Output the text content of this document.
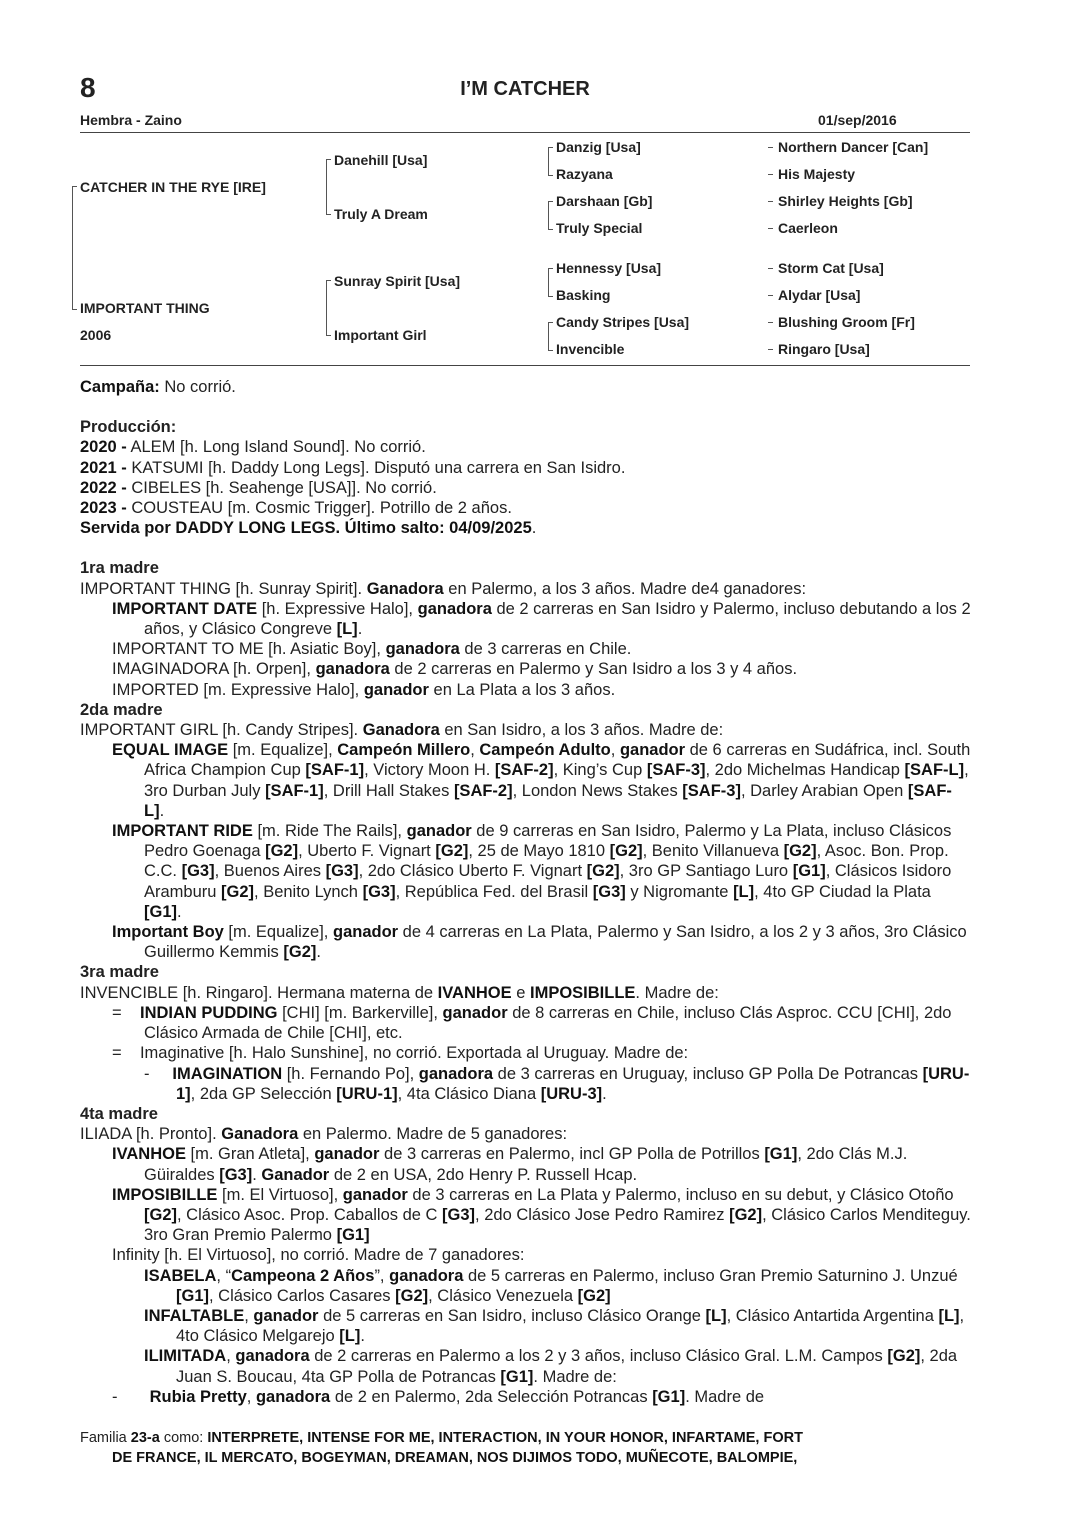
8	I’M CATCHER
Hembra - Zaino	01/sep/2016
CATCHER IN THE RYE [IRE]
IMPORTANT THING
2006
Danehill [Usa]
Truly A Dream
Sunray Spirit [Usa]
Important Girl
Danzig [Usa]
Razyana
Darshaan [Gb]
Truly Special
Hennessy [Usa]
Basking
Candy Stripes [Usa]
Invencible
Northern Dancer [Can]
His Majesty
Shirley Heights [Gb]
Caerleon
Storm Cat [Usa]
Alydar [Usa]
Blushing Groom [Fr]
Ringaro [Usa]

Campaña: No corrió.

Producción:

2020 - ALEM [h. Long Island Sound]. No corrió.

2021 - KATSUMI [h. Daddy Long Legs]. Disputó una carrera en San Isidro.

2022 - CIBELES [h. Seahenge [USA]]. No corrió.

2023 - COUSTEAU [m. Cosmic Trigger]. Potrillo de 2 años.

Servida por DADDY LONG LEGS. Último salto: 04/09/2025.

1ra madre

IMPORTANT THING [h. Sunray Spirit]. Ganadora en Palermo, a los 3 años. Madre de4 ganadores:

IMPORTANT DATE [h. Expressive Halo], ganadora de 2 carreras en San Isidro y Palermo, incluso debutando a los 2 años, y Clásico Congreve [L].

IMPORTANT TO ME [h. Asiatic Boy], ganadora de 3 carreras en Chile.

IMAGINADORA [h. Orpen], ganadora de 2 carreras en Palermo y San Isidro a los 3 y 4 años.

IMPORTED [m. Expressive Halo], ganador en La Plata a los 3 años.

2da madre

IMPORTANT GIRL [h. Candy Stripes]. Ganadora en San Isidro, a los 3 años. Madre de:

EQUAL IMAGE [m. Equalize], Campeón Millero, Campeón Adulto, ganador de 6 carreras en Sudáfrica, incl. South Africa Champion Cup [SAF-1], Victory Moon H. [SAF-2], King’s Cup [SAF-3], 2do Michelmas Handicap [SAF-L], 3ro Durban July [SAF-1], Drill Hall Stakes [SAF-2], London News Stakes [SAF-3], Darley Arabian Open [SAF-L].

IMPORTANT RIDE [m. Ride The Rails], ganador de 9 carreras en San Isidro, Palermo y La Plata, incluso Clásicos Pedro Goenaga [G2], Uberto F. Vignart [G2], 25 de Mayo 1810 [G2], Benito Villanueva [G2], Asoc. Bon. Prop. C.C. [G3], Buenos Aires [G3], 2do Clásico Uberto F. Vignart [G2], 3ro GP Santiago Luro [G1], Clásicos Isidoro Aramburu [G2], Benito Lynch [G3], República Fed. del Brasil [G3] y Nigromante [L], 4to GP Ciudad la Plata [G1].

Important Boy [m. Equalize], ganador de 4 carreras en La Plata, Palermo y San Isidro, a los 2 y 3 años, 3ro Clásico Guillermo Kemmis [G2].

3ra madre

INVENCIBLE [h. Ringaro]. Hermana materna de IVANHOE e IMPOSIBILLE. Madre de:

=    INDIAN PUDDING [CHI] [m. Barkerville], ganador de 8 carreras en Chile, incluso Clás Asproc. CCU [CHI], 2do Clásico Armada de Chile [CHI], etc.

=    Imaginative [h. Halo Sunshine], no corrió. Exportada al Uruguay. Madre de:

-     IMAGINATION [h. Fernando Po], ganadora de 3 carreras en Uruguay, incluso GP Polla De Potrancas [URU-1], 2da GP Selección [URU-1], 4ta Clásico Diana [URU-3].

4ta madre

ILIADA [h. Pronto]. Ganadora en Palermo. Madre de 5 ganadores:

IVANHOE [m. Gran Atleta], ganador de 3 carreras en Palermo, incl GP Polla de Potrillos [G1], 2do Clás M.J. Güiraldes [G3]. Ganador de 2 en USA, 2do Henry P. Russell Hcap.

IMPOSIBILLE [m. El Virtuoso], ganador de 3 carreras en La Plata y Palermo, incluso en su debut, y Clásico Otoño [G2], Clásico Asoc. Prop. Caballos de C [G3], 2do Clásico Jose Pedro Ramirez [G2], Clásico Carlos Menditeguy. 3ro Gran Premio Palermo [G1]

Infinity [h. El Virtuoso], no corrió. Madre de 7 ganadores:

ISABELA, “Campeona 2 Años”, ganadora de 5 carreras en Palermo, incluso Gran Premio Saturnino J. Unzué [G1], Clásico Carlos Casares [G2], Clásico Venezuela [G2]

INFALTABLE, ganador de 5 carreras en San Isidro, incluso Clásico Orange [L], Clásico Antartida Argentina [L], 4to Clásico Melgarejo [L].

ILIMITADA, ganadora de 2 carreras en Palermo a los 2 y 3 años, incluso Clásico Gral. L.M. Campos [G2], 2da Juan S. Boucau, 4ta GP Polla de Potrancas [G1]. Madre de:

-       Rubia Pretty, ganadora de 2 en Palermo, 2da Selección Potrancas [G1]. Madre de

Familia 23-a como: INTERPRETE, INTENSE FOR ME, INTERACTION, IN YOUR HONOR, INFARTAME, FORT
DE FRANCE, IL MERCATO, BOGEYMAN, DREAMAN, NOS DIJIMOS TODO, MUÑECOTE, BALOMPIE,
